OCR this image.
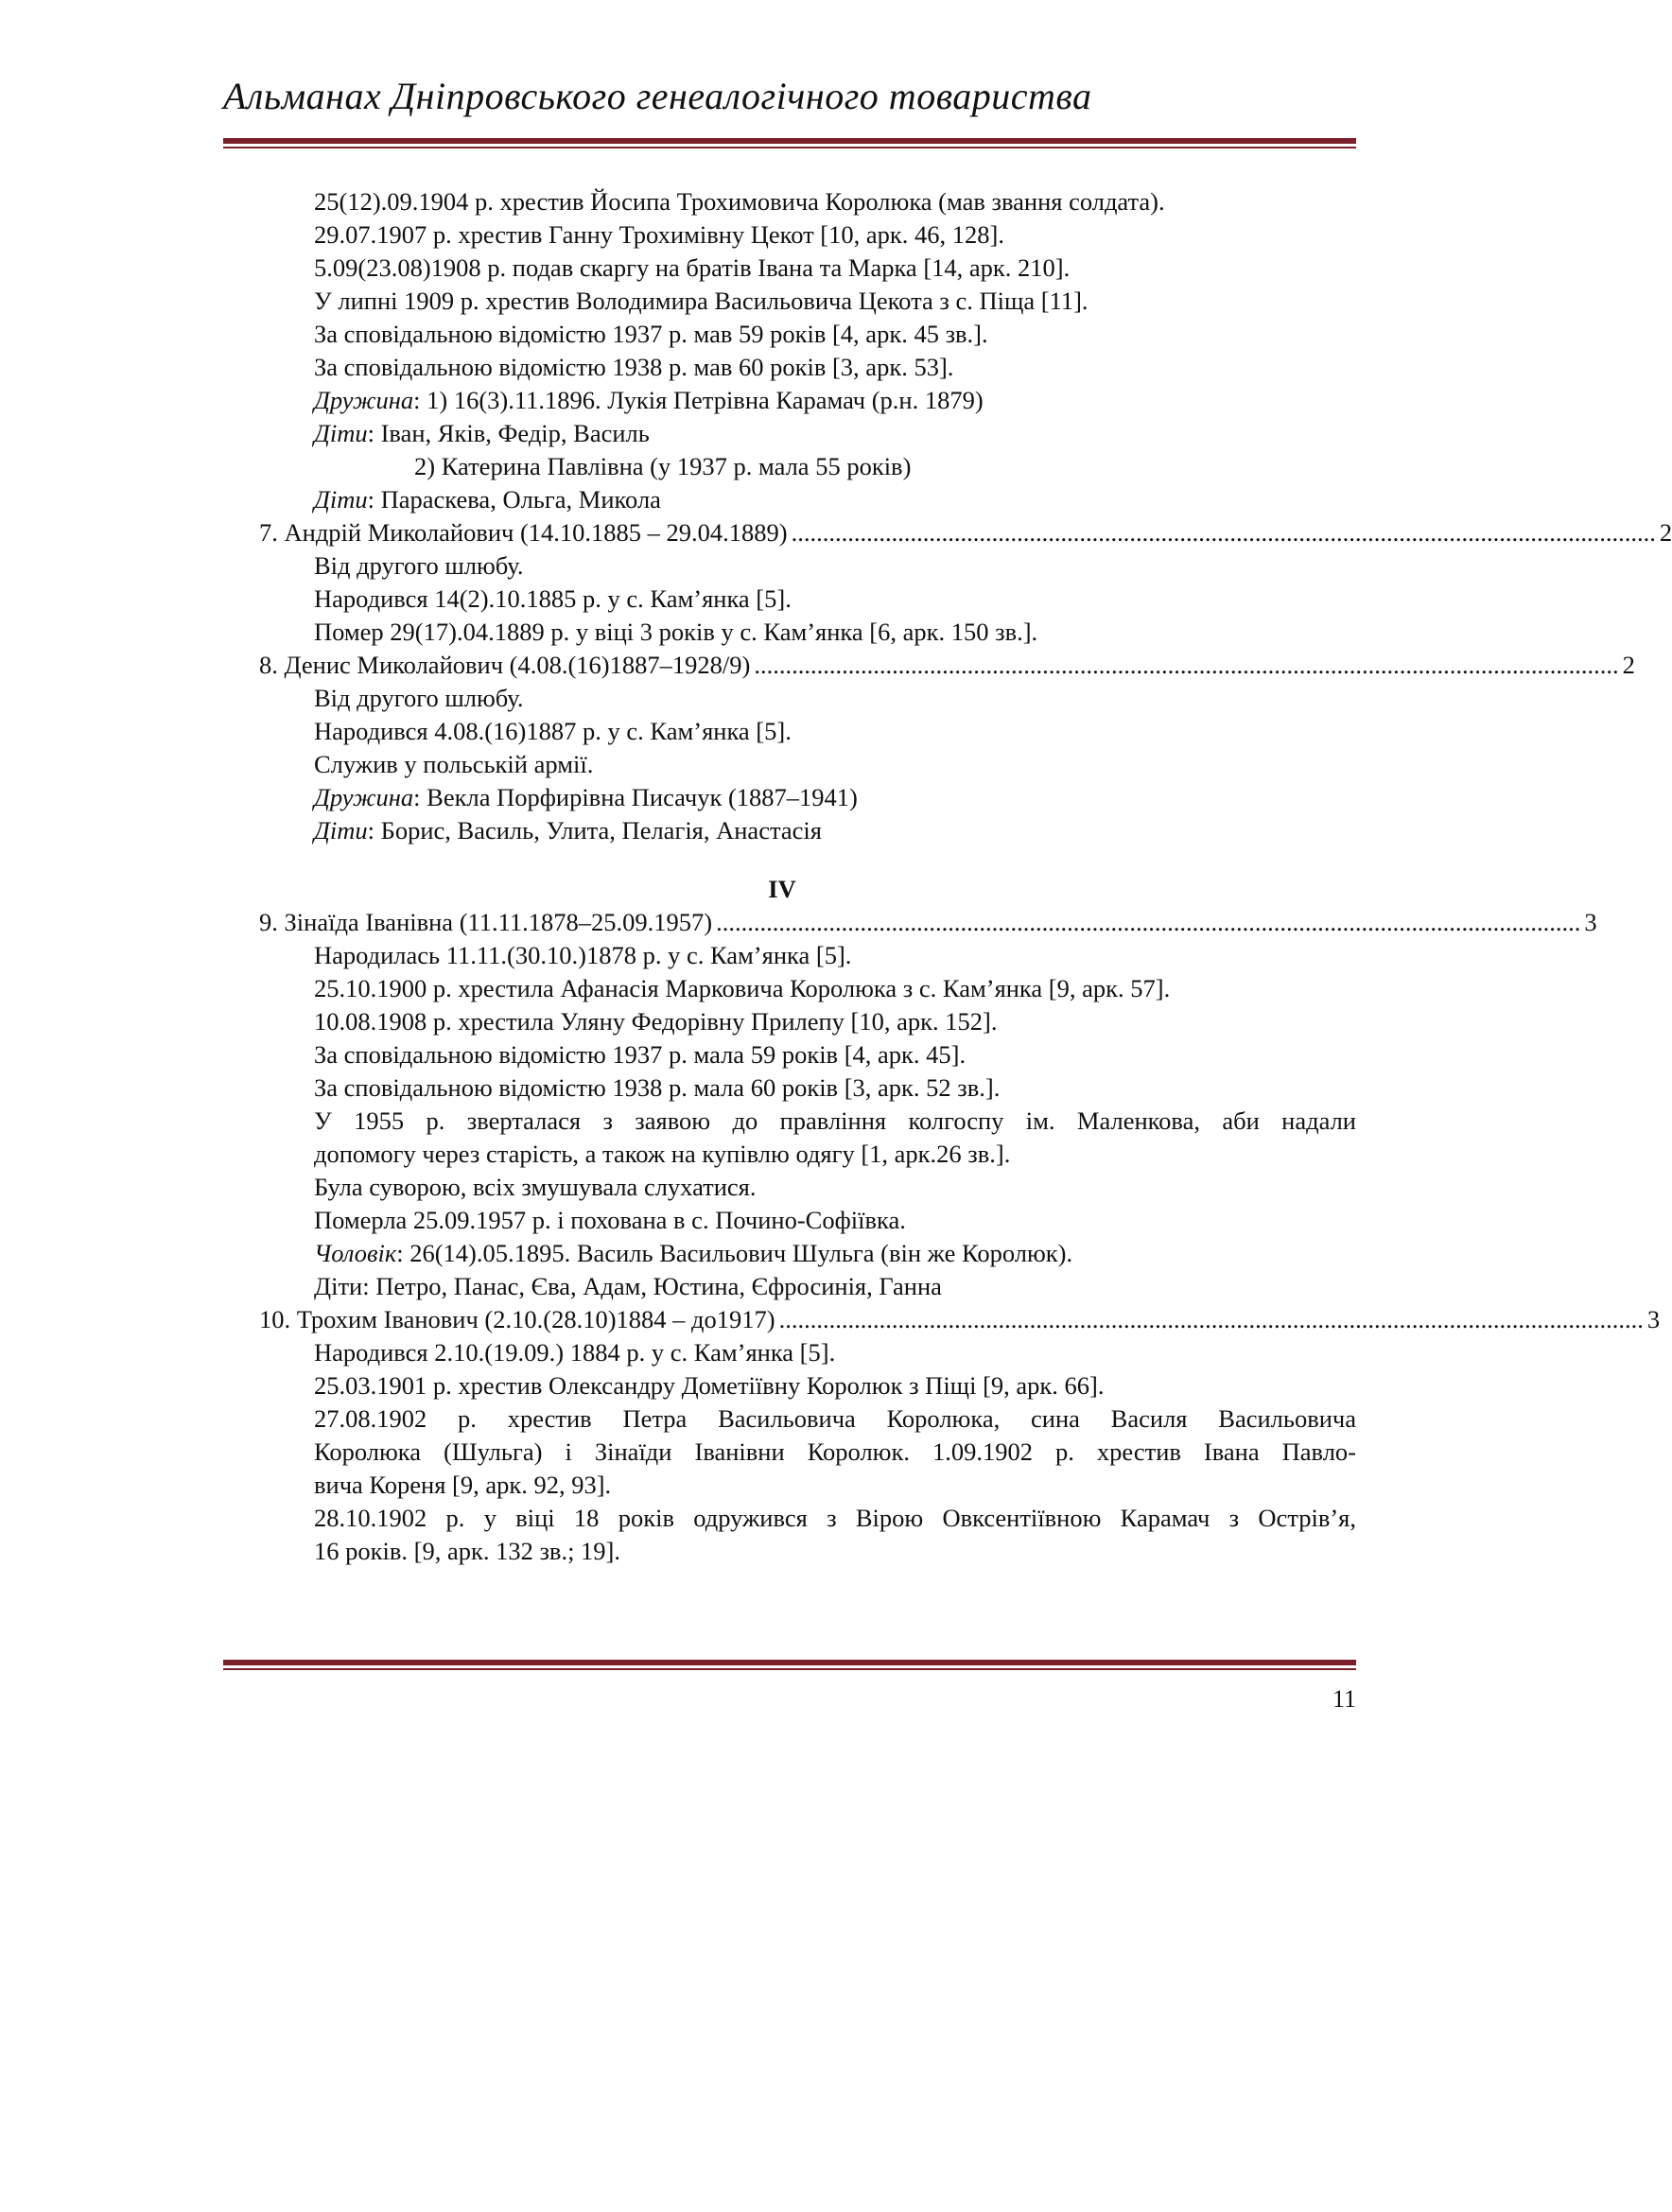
Альманах Дніпровського генеалогічного товариства
25(12).09.1904 р. хрестив Йосипа Трохимовича Королюка (мав звання солдата).
29.07.1907 р. хрестив Ганну Трохимівну Цекот [10, арк. 46, 128].
5.09(23.08)1908 р. подав скаргу на братів Івана та Марка [14, арк. 210].
У липні 1909 р. хрестив Володимира Васильовича Цекота з с. Піща [11].
За сповідальною відомістю 1937 р. мав 59 років [4, арк. 45 зв.].
За сповідальною відомістю 1938 р. мав 60 років [3, арк. 53].
Дружина: 1) 16(3).11.1896. Лукія Петрівна Карамач (р.н. 1879)
Діти: Іван, Яків, Федір, Василь
2) Катерина Павлівна (у 1937 р. мала 55 років)
Діти: Параскева, Ольга, Микола
7. Андрій Миколайович (14.10.1885 – 29.04.1889) .......................................................................................................................................... 2
Від другого шлюбу.
Народився 14(2).10.1885 р. у с. Кам’янка [5].
Помер 29(17).04.1889 р. у віці 3 років у с. Кам’янка [6, арк. 150 зв.].
8. Денис Миколайович (4.08.(16)1887–1928/9) .......................................................................................................................................... 2
Від другого шлюбу.
Народився 4.08.(16)1887 р. у с. Кам’янка [5].
Служив у польській армії.
Дружина: Векла Порфирівна Писачук (1887–1941)
Діти: Борис, Василь, Улита, Пелагія, Анастасія
IV
9. Зінаїда Іванівна (11.11.1878–25.09.1957) .......................................................................................................................................... 3
Народилась 11.11.(30.10.)1878 р. у с. Кам’янка [5].
25.10.1900 р. хрестила Афанасія Марковича Королюка з с. Кам’янка [9, арк. 57].
10.08.1908 р. хрестила Уляну Федорівну Прилепу [10, арк. 152].
За сповідальною відомістю 1937 р. мала 59 років [4, арк. 45].
За сповідальною відомістю 1938 р. мала 60 років [3, арк. 52 зв.].
У 1955 р. зверталася з заявою до правління колгоспу ім. Маленкова, аби надали
допомогу через старість, а також на купівлю одягу [1, арк.26 зв.].
Була суворою, всіх змушувала слухатися.
Померла 25.09.1957 р. і похована в с. Почино-Софіївка.
Чоловік: 26(14).05.1895. Василь Васильович Шульга (він же Королюк).
Діти: Петро, Панас, Єва, Адам, Юстина, Єфросинія, Ганна
10. Трохим Іванович (2.10.(28.10)1884 – до1917) .......................................................................................................................................... 3
Народився 2.10.(19.09.) 1884 р. у с. Кам’янка [5].
25.03.1901 р. хрестив Олександру Дометіївну Королюк з Піщі [9, арк. 66].
27.08.1902 р. хрестив Петра Васильовича Королюка, сина Василя Васильовича
Королюка (Шульга) і Зінаїди Іванівни Королюк. 1.09.1902 р. хрестив Івана Павло-
вича Кореня [9, арк. 92, 93].
28.10.1902 р. у віці 18 років одружився з Вірою Овксентіївною Карамач з Острів’я,
16 років. [9, арк. 132 зв.; 19].
11
